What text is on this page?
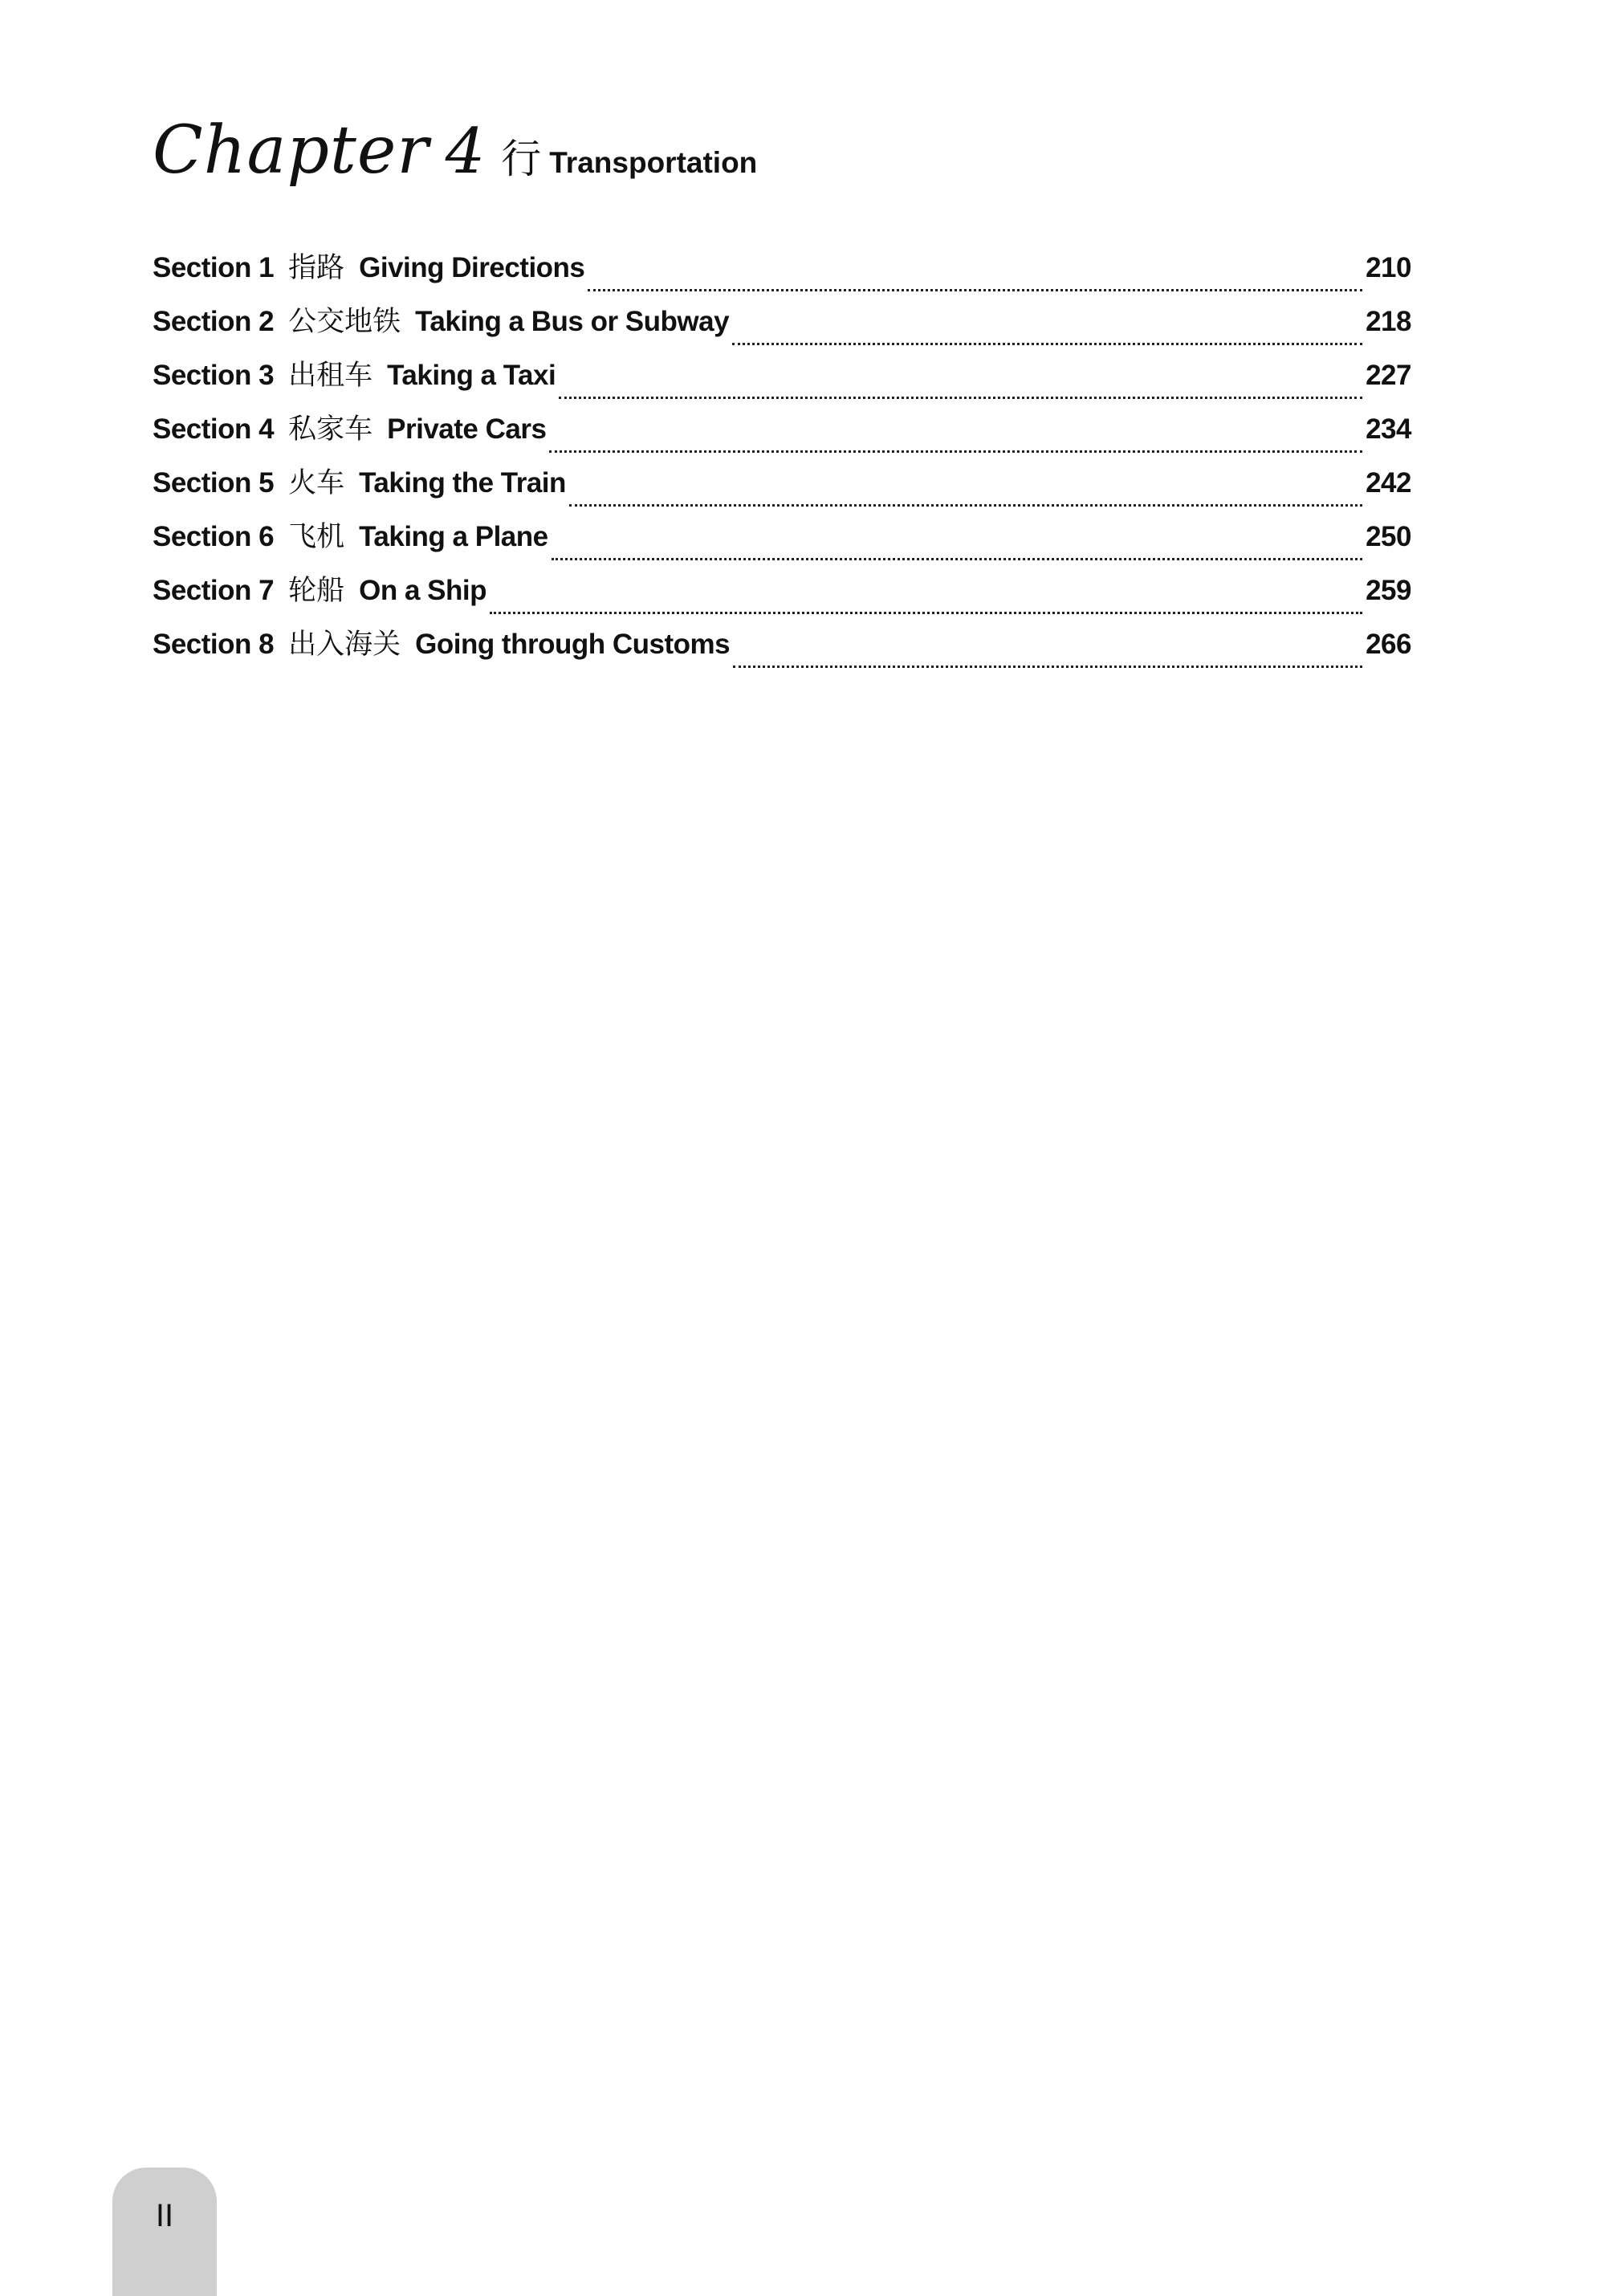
Chapter 4 行 Transportation
Section 1 指路 Giving Directions	210
Section 2 公交地铁 Taking a Bus or Subway	218
Section 3 出租车 Taking a Taxi	227
Section 4 私家车 Private Cars	234
Section 5 火车 Taking the Train	242
Section 6 飞机 Taking a Plane	250
Section 7 轮船 On a Ship	259
Section 8 出入海关 Going through Customs	266
II
